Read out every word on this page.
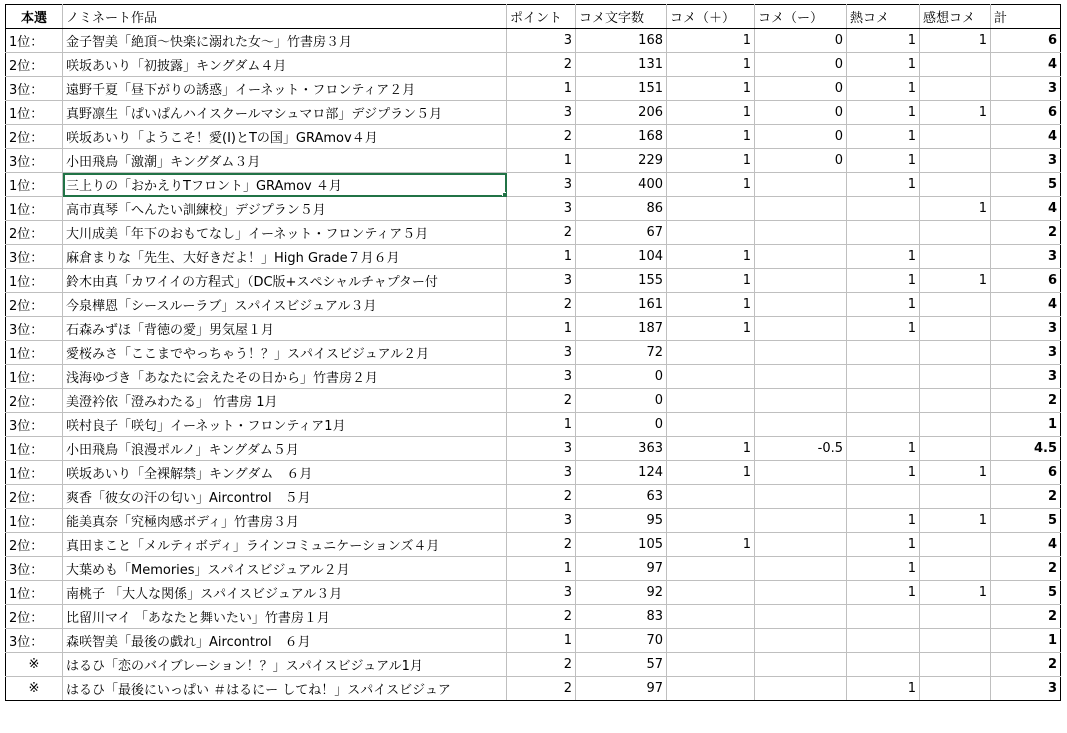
本選	ノミネート作品	ポイント	コメ文字数	コメ（＋）	コメ（ー）	熱コメ	感想コメ	計
1位：	金子智美「絶頂～快楽に溺れた女～」竹書房３月	3	168	1	0	1	1	6
2位：	咲坂あいり「初披露」キングダム４月	2	131	1	0	1		4
3位：	遠野千夏「昼下がりの誘惑」イーネット・フロンティア２月	1	151	1	0	1		3
1位：	真野凛生「ぱいぱんハイスクールマシュマロ部」デジプラン５月	3	206	1	0	1	1	6
2位：	咲坂あいり「ようこそ！愛(I)とTの国」GRAmov４月	2	168	1	0	1		4
3位：	小田飛鳥「激潮」キングダム３月	1	229	1	0	1		3
1位：	三上りの「おかえりTフロント」GRAmov ４月	3	400	1		1		5
1位：	高市真琴「へんたい訓練校」デジプラン５月	3	86				1	4
2位：	大川成美「年下のおもてなし」イーネット・フロンティア５月	2	67					2
3位：	麻倉まりな「先生、大好きだよ！」High Grade７月６月	1	104	1		1		3
1位：	鈴木由真「カワイイの方程式」（DC版+スペシャルチャプター付	3	155	1		1	1	6
2位：	今泉樺恩「シースルーラブ」スパイスビジュアル３月	2	161	1		1		4
3位：	石森みずほ「背徳の愛」男気屋１月	1	187	1		1		3
1位：	愛桜みさ「ここまでやっちゃう！？」スパイスビジュアル２月	3	72					3
1位：	浅海ゆづき「あなたに会えたその日から」竹書房２月	3	0					3
2位：	美澄衿依「澄みわたる」 竹書房 1月	2	0					2
3位：	咲村良子「咲匂」イーネット・フロンティア1月	1	0					1
1位：	小田飛鳥「浪漫ポルノ」キングダム５月	3	363	1	-0.5	1		4.5
1位：	咲坂あいり「全裸解禁」キングダム　６月	3	124	1		1	1	6
2位：	爽香「彼女の汗の匂い」Aircontrol　５月	2	63					2
1位：	能美真奈「究極肉感ボディ」竹書房３月	3	95			1	1	5
2位：	真田まこと「メルティボディ」ラインコミュニケーションズ４月	2	105	1		1		4
3位：	大葉めも「Memories」スパイスビジュアル２月	1	97			1		2
1位：	南桃子 「大人な関係」スパイスビジュアル３月	3	92			1	1	5
2位：	比留川マイ 「あなたと舞いたい」竹書房１月	2	83					2
3位：	森咲智美「最後の戯れ」Aircontrol　６月	1	70					1
※	はるひ「恋のバイブレーション！？」スパイスビジュアル1月	2	57					2
※	はるひ「最後にいっぱい ＃はるにー してね！」スパイスビジュア	2	97			1		3
